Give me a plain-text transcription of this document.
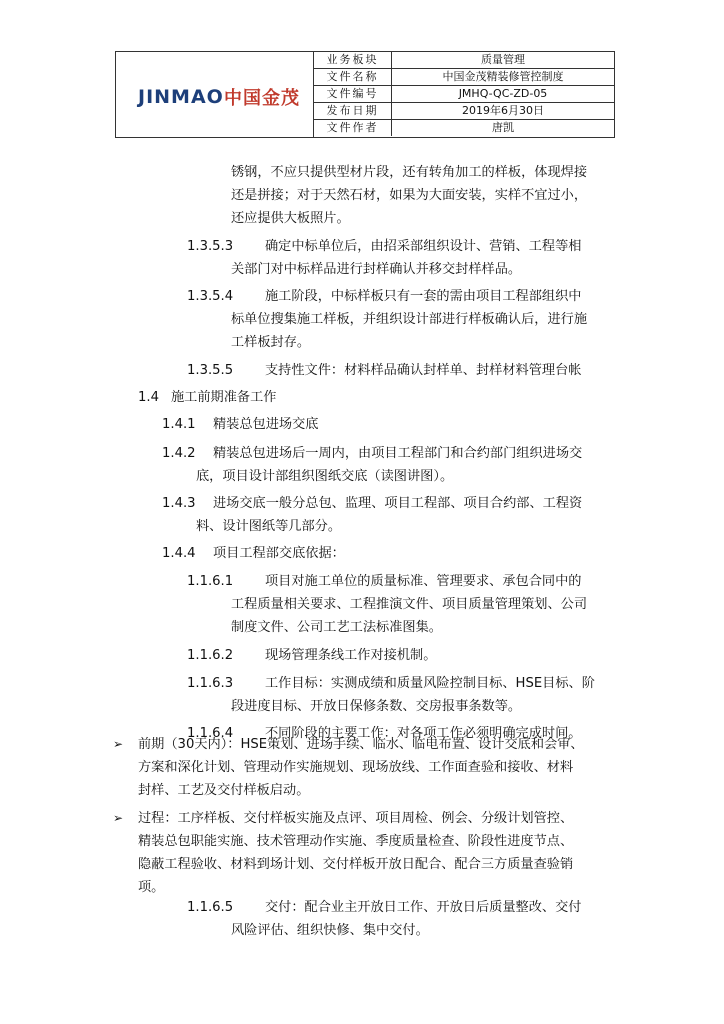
JINMAO 中国金茂
业务板块	质量管理
文件名称	中国金茂精装修管控制度
文件编号	JMHQ-QC-ZD-05
发布日期	2019年6月30日
文件作者	唐凯

锈钢，不应只提供型材片段，还有转角加工的样板，体现焊接

还是拼接；对于天然石材，如果为大面安装，实样不宜过小，

还应提供大板照片。

1.3.5.3 确定中标单位后，由招采部组织设计、营销、工程等相

关部门对中标样品进行封样确认并移交封样样品。

1.3.5.4 施工阶段，中标样板只有一套的需由项目工程部组织中

标单位搜集施工样板，并组织设计部进行样板确认后，进行施

工样板封存。

1.3.5.5 支持性文件：材料样品确认封样单、封样材料管理台帐

1.4 施工前期准备工作

1.4.1 精装总包进场交底

1.4.2 精装总包进场后一周内，由项目工程部门和合约部门组织进场交

底，项目设计部组织图纸交底（读图讲图）。

1.4.3 进场交底一般分总包、监理、项目工程部、项目合约部、工程资

料、设计图纸等几部分。

1.4.4 项目工程部交底依据：

1.1.6.1 项目对施工单位的质量标准、管理要求、承包合同中的

工程质量相关要求、工程推演文件、项目质量管理策划、公司

制度文件、公司工艺工法标准图集。

1.1.6.2 现场管理条线工作对接机制。

1.1.6.3 工作目标：实测成绩和质量风险控制目标、HSE目标、阶

段进度目标、开放日保修条数、交房报事条数等。

1.1.6.4 不同阶段的主要工作：对各项工作必须明确完成时间。

➢ 前期（30天内）：HSE策划、进场手续、临水、临电布置、设计交底和会审、

方案和深化计划、管理动作实施规划、现场放线、工作面查验和接收、材料

封样、工艺及交付样板启动。

➢ 过程：工序样板、交付样板实施及点评、项目周检、例会、分级计划管控、

精装总包职能实施、技术管理动作实施、季度质量检查、阶段性进度节点、

隐蔽工程验收、材料到场计划、交付样板开放日配合、配合三方质量查验销

项。

1.1.6.5 交付：配合业主开放日工作、开放日后质量整改、交付

风险评估、组织快修、集中交付。
